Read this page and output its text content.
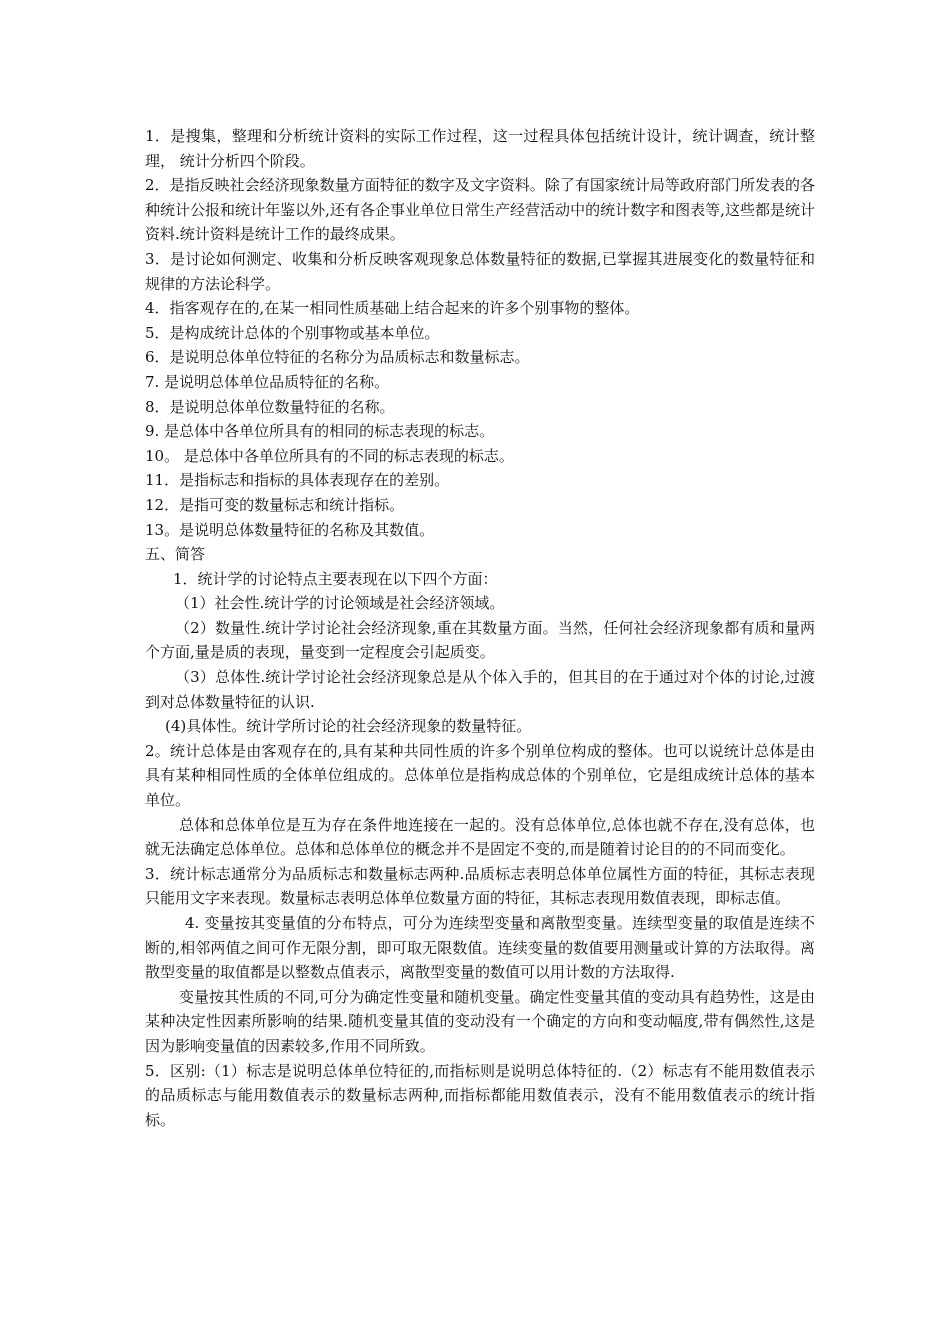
1．是搜集，整理和分析统计资料的实际工作过程，这一过程具体包括统计设计，统计调查，统计整理， 统计分析四个阶段。

2．是指反映社会经济现象数量方面特征的数字及文字资料。除了有国家统计局等政府部门所发表的各种统计公报和统计年鉴以外,还有各企事业单位日常生产经营活动中的统计数字和图表等,这些都是统计资料.统计资料是统计工作的最终成果。

3．是讨论如何测定、收集和分析反映客观现象总体数量特征的数据,已掌握其进展变化的数量特征和规律的方法论科学。

4．指客观存在的,在某一相同性质基础上结合起来的许多个别事物的整体。

5．是构成统计总体的个别事物或基本单位。

6．是说明总体单位特征的名称分为品质标志和数量标志。

7. 是说明总体单位品质特征的名称。

8．是说明总体单位数量特征的名称。

9. 是总体中各单位所具有的相同的标志表现的标志。

10。 是总体中各单位所具有的不同的标志表现的标志。

11．是指标志和指标的具体表现存在的差别。

12．是指可变的数量标志和统计指标。

13。是说明总体数量特征的名称及其数值。

五、简答

1．统计学的讨论特点主要表现在以下四个方面：

（1）社会性.统计学的讨论领域是社会经济领域。

（2）数量性.统计学讨论社会经济现象,重在其数量方面。当然，任何社会经济现象都有质和量两个方面,量是质的表现，量变到一定程度会引起质变。

（3）总体性.统计学讨论社会经济现象总是从个体入手的，但其目的在于通过对个体的讨论,过渡到对总体数量特征的认识.

(4)具体性。统计学所讨论的社会经济现象的数量特征。

2。统计总体是由客观存在的,具有某种共同性质的许多个别单位构成的整体。也可以说统计总体是由具有某种相同性质的全体单位组成的。总体单位是指构成总体的个别单位，它是组成统计总体的基本单位。

总体和总体单位是互为存在条件地连接在一起的。没有总体单位,总体也就不存在,没有总体，也就无法确定总体单位。总体和总体单位的概念并不是固定不变的,而是随着讨论目的的不同而变化。

3．统计标志通常分为品质标志和数量标志两种.品质标志表明总体单位属性方面的特征，其标志表现只能用文字来表现。数量标志表明总体单位数量方面的特征，其标志表现用数值表现，即标志值。

4. 变量按其变量值的分布特点，可分为连续型变量和离散型变量。连续型变量的取值是连续不断的,相邻两值之间可作无限分割，即可取无限数值。连续变量的数值要用测量或计算的方法取得。离散型变量的取值都是以整数点值表示，离散型变量的数值可以用计数的方法取得.

变量按其性质的不同,可分为确定性变量和随机变量。确定性变量其值的变动具有趋势性，这是由某种决定性因素所影响的结果.随机变量其值的变动没有一个确定的方向和变动幅度,带有偶然性,这是因为影响变量值的因素较多,作用不同所致。

5．区别:（1）标志是说明总体单位特征的,而指标则是说明总体特征的.（2）标志有不能用数值表示的品质标志与能用数值表示的数量标志两种,而指标都能用数值表示，没有不能用数值表示的统计指标。
